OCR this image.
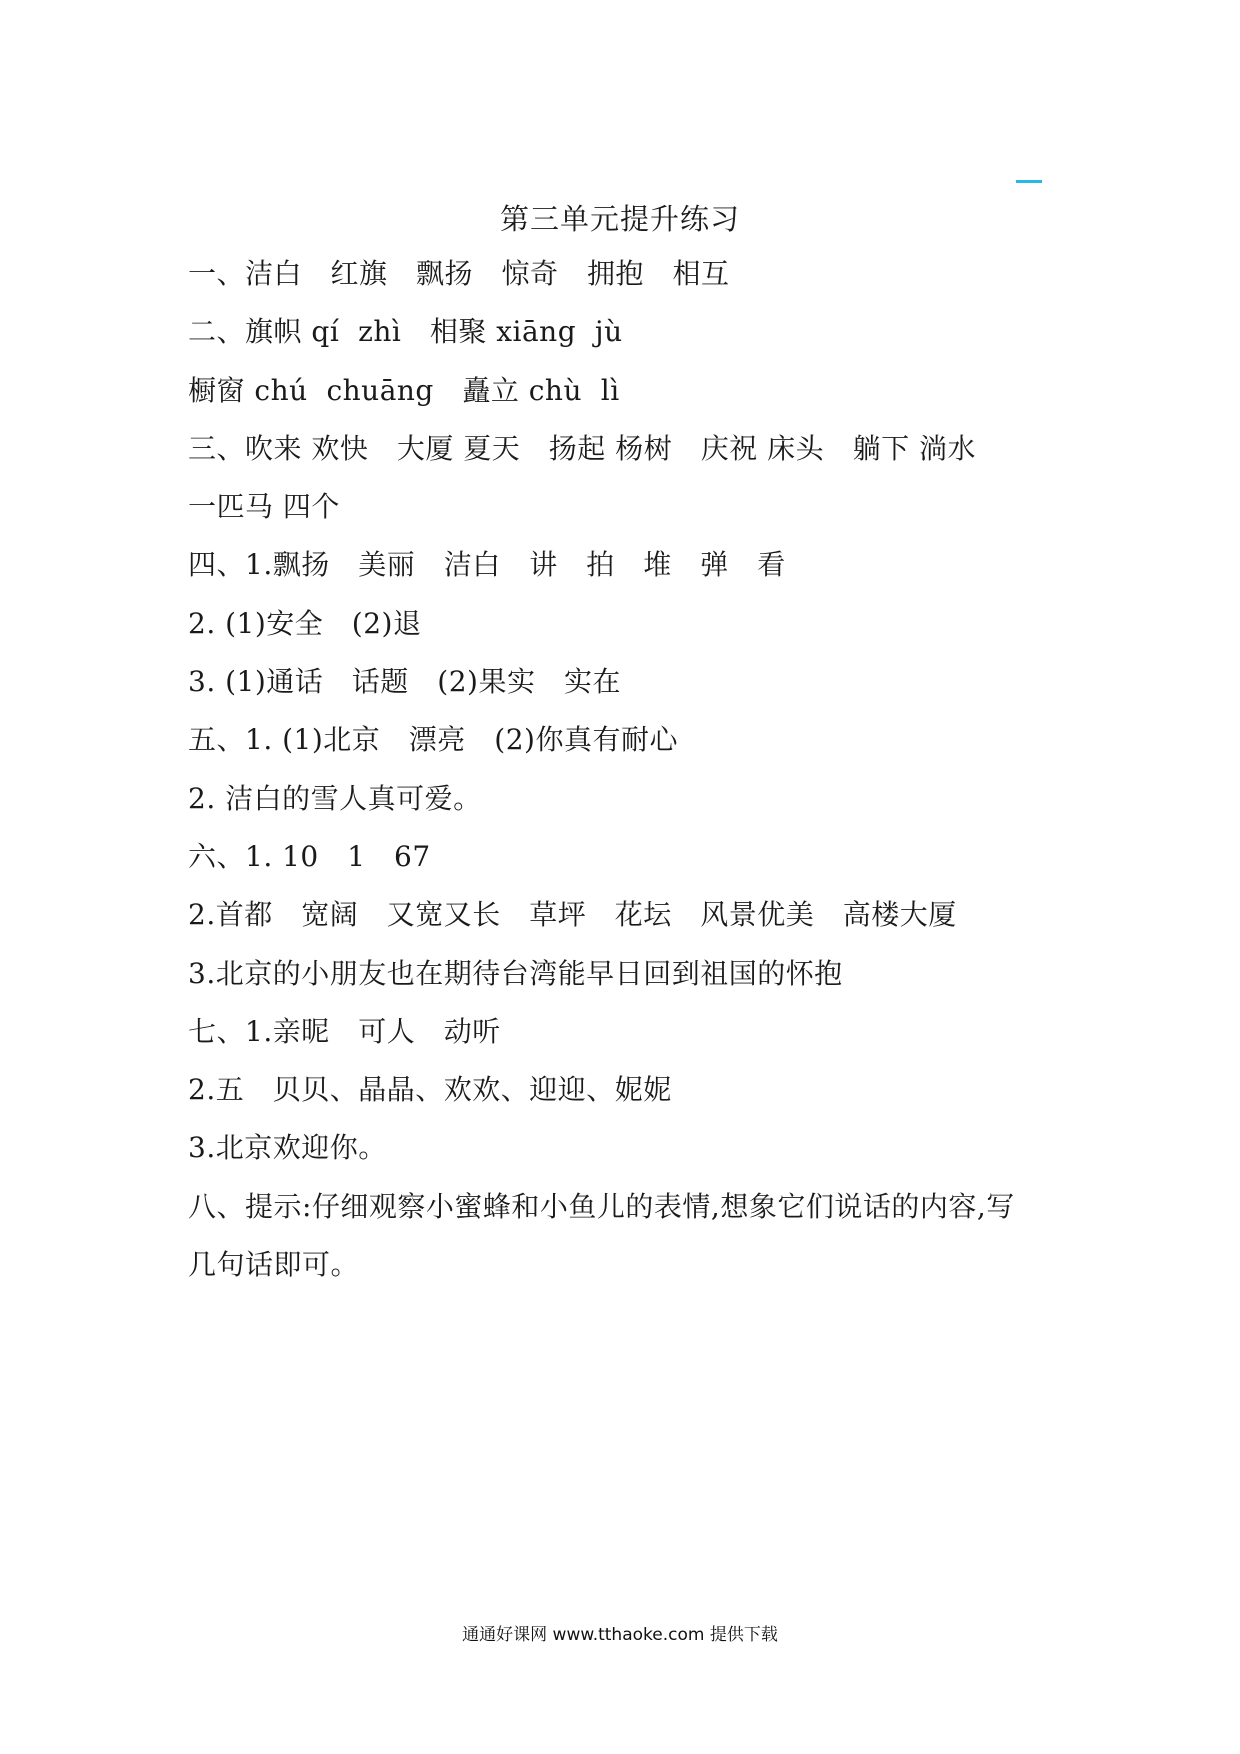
第三单元提升练习
一、洁白　红旗　飘扬　惊奇　拥抱　相互
二、旗帜 qí  zhì　相聚 xiāng  jù
橱窗 chú  chuāng　矗立 chù  lì
三、吹来 欢快　大厦 夏天　扬起 杨树　庆祝 床头　躺下 淌水
一匹马 四个
四、1.飘扬　美丽　洁白　讲　拍　堆　弹　看
2. (1)安全　(2)退
3. (1)通话　话题　(2)果实　实在
五、1. (1)北京　漂亮　(2)你真有耐心
2. 洁白的雪人真可爱。
六、1. 10　1　67
2.首都　宽阔　又宽又长　草坪　花坛　风景优美　高楼大厦
3.北京的小朋友也在期待台湾能早日回到祖国的怀抱
七、1.亲昵　可人　动听
2.五　贝贝、晶晶、欢欢、迎迎、妮妮
3.北京欢迎你。
八、提示:仔细观察小蜜蜂和小鱼儿的表情,想象它们说话的内容,写
几句话即可。
通通好课网 www.tthaoke.com 提供下载
